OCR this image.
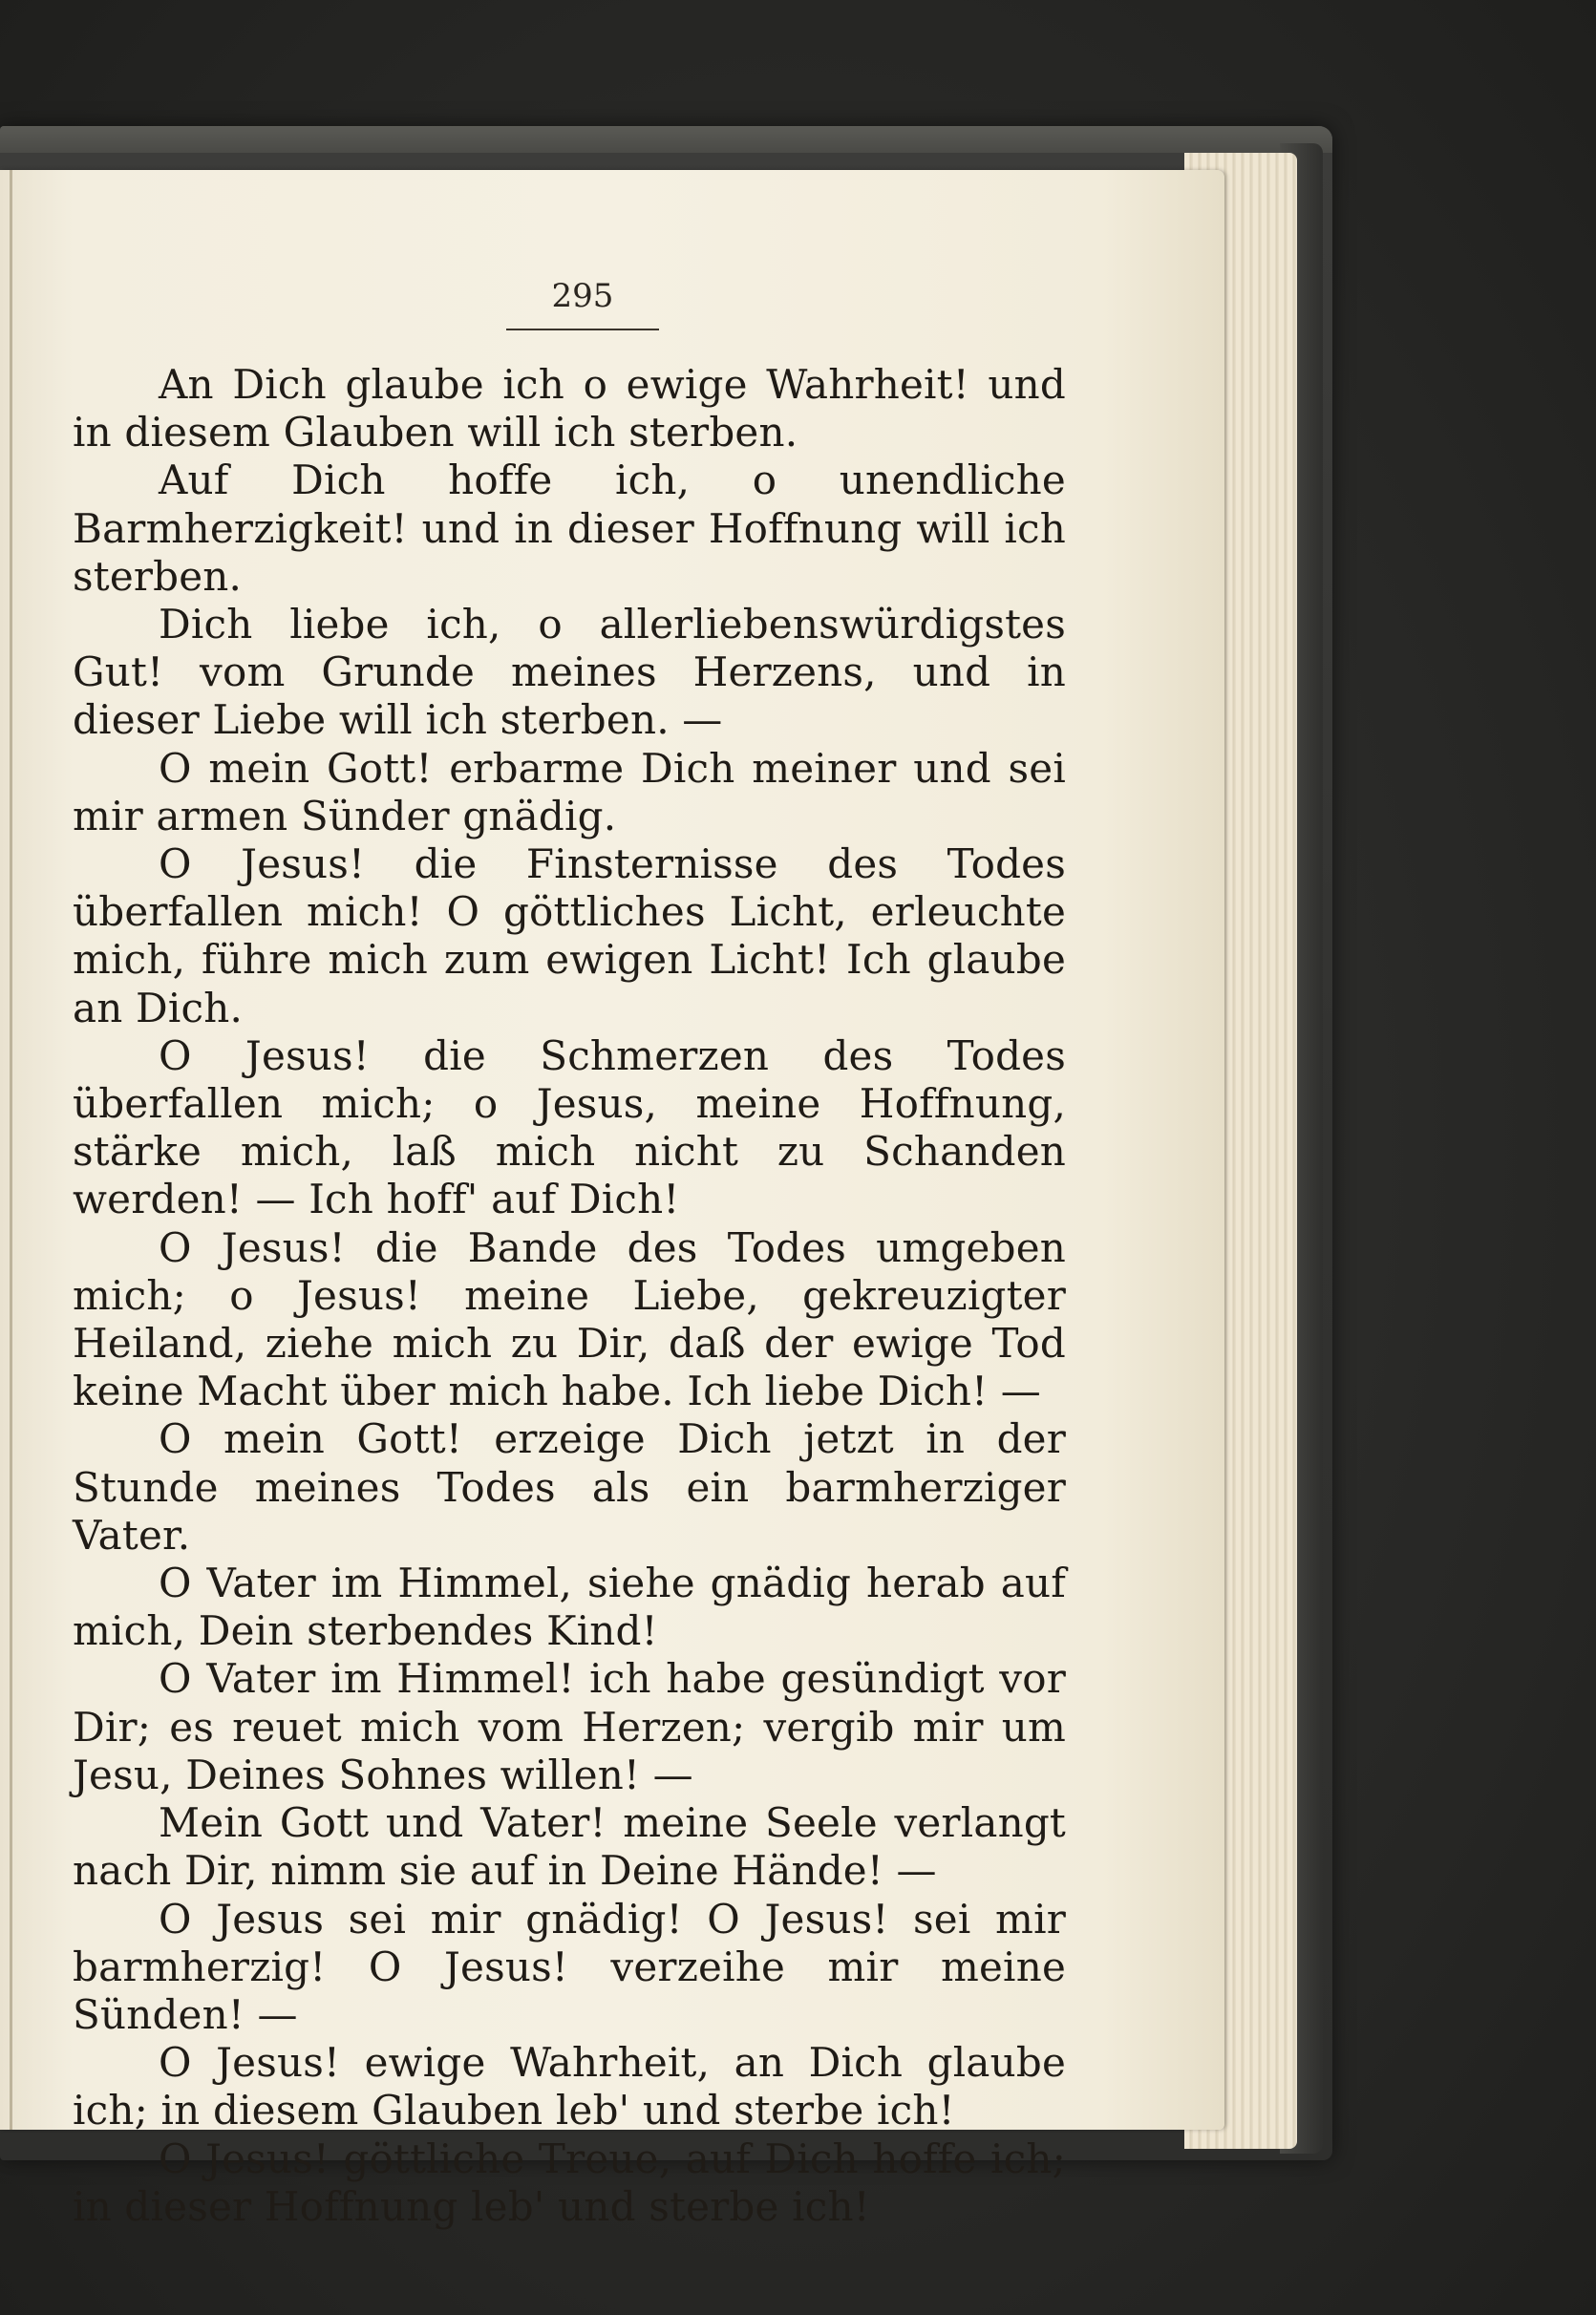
295

An Dich glaube ich o ewige Wahrheit! und in diesem Glauben will ich sterben.

Auf Dich hoffe ich, o unendliche Barmherzigkeit! und in dieser Hoffnung will ich sterben.

Dich liebe ich, o allerliebenswürdigstes Gut! vom Grunde meines Herzens, und in dieser Liebe will ich sterben. —

O mein Gott! erbarme Dich meiner und sei mir armen Sünder gnädig.

O Jesus! die Finsternisse des Todes überfallen mich! O göttliches Licht, erleuchte mich, führe mich zum ewigen Licht! Ich glaube an Dich.

O Jesus! die Schmerzen des Todes überfallen mich; o Jesus, meine Hoffnung, stärke mich, laß mich nicht zu Schanden werden! — Ich hoff' auf Dich!

O Jesus! die Bande des Todes umgeben mich; o Jesus! meine Liebe, gekreuzigter Heiland, ziehe mich zu Dir, daß der ewige Tod keine Macht über mich habe. Ich liebe Dich! —

O mein Gott! erzeige Dich jetzt in der Stunde meines Todes als ein barmherziger Vater.

O Vater im Himmel, siehe gnädig herab auf mich, Dein sterbendes Kind!

O Vater im Himmel! ich habe gesündigt vor Dir; es reuet mich vom Herzen; vergib mir um Jesu, Deines Sohnes willen! —

Mein Gott und Vater! meine Seele verlangt nach Dir, nimm sie auf in Deine Hände! —

O Jesus sei mir gnädig! O Jesus! sei mir barmherzig! O Jesus! verzeihe mir meine Sünden! —

O Jesus! ewige Wahrheit, an Dich glaube ich; in diesem Glauben leb' und sterbe ich!

O Jesus! göttliche Treue, auf Dich hoffe ich; in dieser Hoffnung leb' und sterbe ich!
